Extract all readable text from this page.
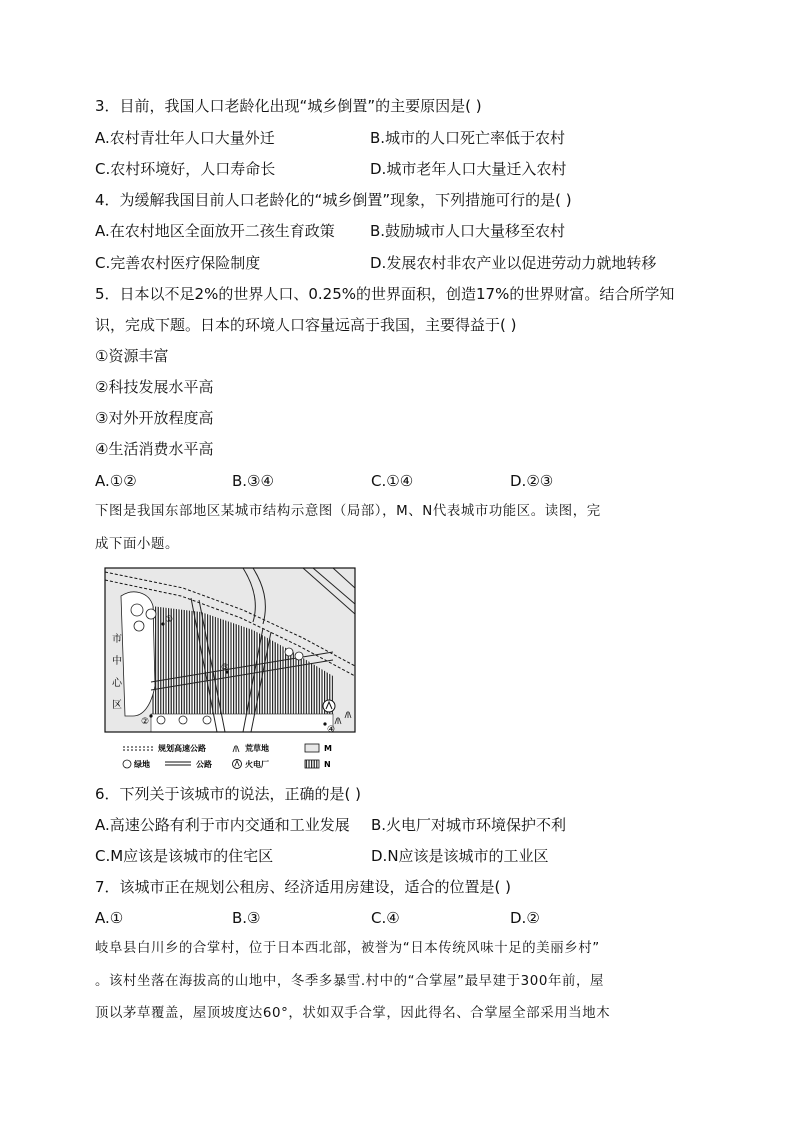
3．目前，我国人口老龄化出现“城乡倒置”的主要原因是( )
A.农村青壮年人口大量外迁	B.城市的人口死亡率低于农村
C.农村环境好，人口寿命长	D.城市老年人口大量迁入农村
4．为缓解我国目前人口老龄化的“城乡倒置”现象，下列措施可行的是( )
A.在农村地区全面放开二孩生育政策 B.鼓励城市人口大量移至农村
C.完善农村医疗保险制度	D.发展农村非农产业以促进劳动力就地转移
5．日本以不足2%的世界人口、0.25%的世界面积，创造17%的世界财富。结合所学知
识，完成下题。日本的环境人口容量远高于我国，主要得益于( )
①资源丰富
②科技发展水平高
③对外开放程度高
④生活消费水平高
A.①②	B.③④	C.①④	D.②③
下图是我国东部地区某城市结构示意图（局部），M、N代表城市功能区。读图，完
成下面小题。
市
中
心
区
①
②
③
④
规划高速公路	荒草地	M
绿地	公路	火电厂	N
6．下列关于该城市的说法，正确的是( )
A.高速公路有利于市内交通和工业发展 B.火电厂对城市环境保护不利
C.M应该是该城市的住宅区	D.N应该是该城市的工业区
7．该城市正在规划公租房、经济适用房建设，适合的位置是( )
A.①	B.③	C.④	D.②
岐阜县白川乡的合掌村，位于日本西北部，被誉为“日本传统风味十足的美丽乡村”
。该村坐落在海拔高的山地中，冬季多暴雪.村中的“合掌屋”最早建于300年前，屋
顶以茅草覆盖，屋顶坡度达60°，状如双手合掌，因此得名、合掌屋全部采用当地木
